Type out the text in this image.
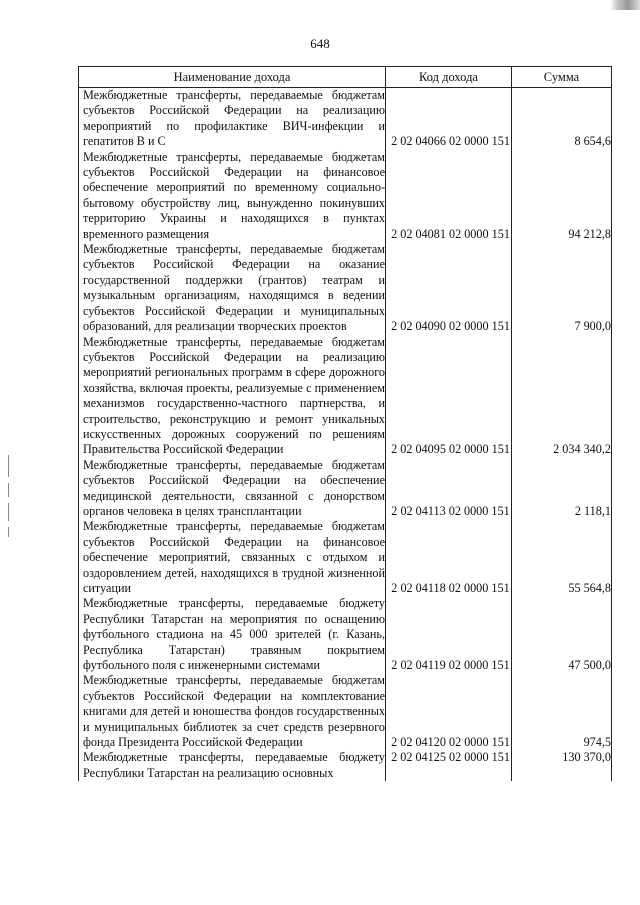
648
Наименование дохода	Код дохода	Сумма
Межбюджетные трансферты, передаваемые бюджетам субъектов Российской Федерации на реализацию мероприятий по профилактике ВИЧ-инфекции и гепатитов В и С	2 02 04066 02 0000 151	8 654,6
Межбюджетные трансферты, передаваемые бюджетам субъектов Российской Федерации на финансовое обеспечение мероприятий по временному социально-бытовому обустройству лиц, вынужденно покинувших территорию Украины и находящихся в пунктах временного размещения	2 02 04081 02 0000 151	94 212,8
Межбюджетные трансферты, передаваемые бюджетам субъектов Российской Федерации на оказание государственной поддержки (грантов) театрам и музыкальным организациям, находящимся в ведении субъектов Российской Федерации и муниципальных образований, для реализации творческих проектов	2 02 04090 02 0000 151	7 900,0
Межбюджетные трансферты, передаваемые бюджетам субъектов Российской Федерации на реализацию мероприятий региональных программ в сфере дорожного хозяйства, включая проекты, реализуемые с применением механизмов государственно-частного партнерства, и строительство, реконструкцию и ремонт уникальных искусственных дорожных сооружений по решениям Правительства Российской Федерации	2 02 04095 02 0000 151	2 034 340,2
Межбюджетные трансферты, передаваемые бюджетам субъектов Российской Федерации на обеспечение медицинской деятельности, связанной с донорством органов человека в целях трансплантации	2 02 04113 02 0000 151	2 118,1
Межбюджетные трансферты, передаваемые бюджетам субъектов Российской Федерации на финансовое обеспечение мероприятий, связанных с отдыхом и оздоровлением детей, находящихся в трудной жизненной ситуации	2 02 04118 02 0000 151	55 564,8
Межбюджетные трансферты, передаваемые бюджету Республики Татарстан на мероприятия по оснащению футбольного стадиона на 45 000 зрителей (г. Казань, Республика Татарстан) травяным покрытием футбольного поля с инженерными системами	2 02 04119 02 0000 151	47 500,0
Межбюджетные трансферты, передаваемые бюджетам субъектов Российской Федерации на комплектование книгами для детей и юношества фондов государственных и муниципальных библиотек за счет средств резервного фонда Президента Российской Федерации	2 02 04120 02 0000 151	974,5
Межбюджетные трансферты, передаваемые бюджету Республики Татарстан на реализацию основных	2 02 04125 02 0000 151	130 370,0
